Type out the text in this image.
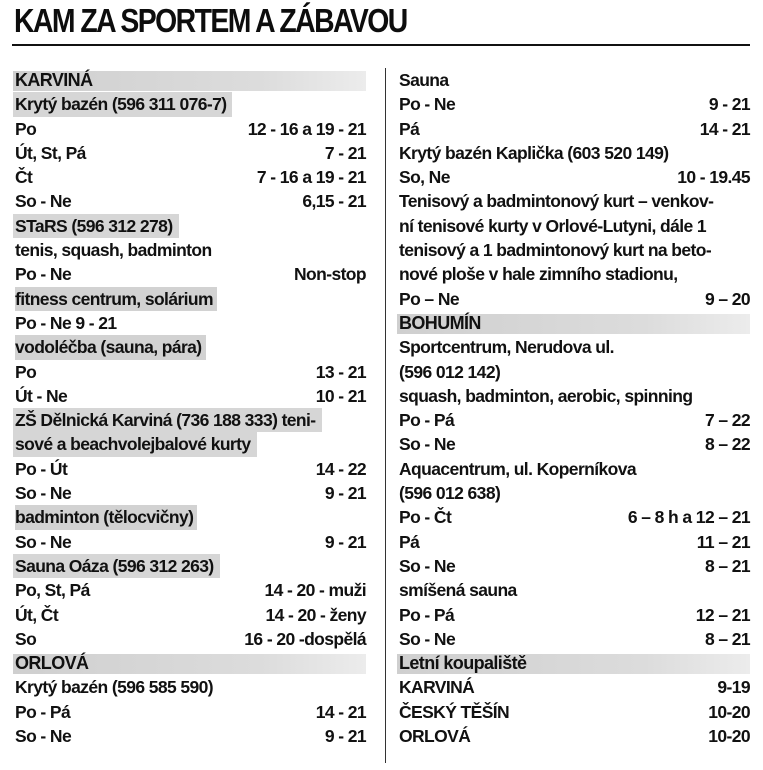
KAM ZA SPORTEM A ZÁBAVOU
KARVINÁ
Krytý bazén (596 311 076-7)
Po	12 - 16 a 19 - 21
Út, St, Pá	7 - 21
Čt	7 - 16 a 19 - 21
So - Ne	6,15 - 21
STaRS (596 312 278)
tenis, squash, badminton
Po - Ne	Non-stop
fitness centrum, solárium
Po - Ne 9 - 21
vodoléčba (sauna, pára)
Po	13 - 21
Út - Ne	10 - 21
ZŠ Dělnická Karviná (736 188 333) teni-
sové a beachvolejbalové kurty
Po - Út	14 - 22
So - Ne	9 - 21
badminton (tělocvičny)
So - Ne	9 - 21
Sauna Oáza (596 312 263)
Po, St, Pá	14 - 20 - muži
Út, Čt	14 - 20 - ženy
So	16 - 20 -dospělá
ORLOVÁ
Krytý bazén (596 585 590)
Po - Pá	14 - 21
So - Ne	9 - 21
Sauna
Po - Ne	9 - 21
Pá	14 - 21
Krytý bazén Kaplička (603 520 149)
So, Ne	10 - 19.45
Tenisový a badmintonový kurt – venkov-
ní tenisové kurty v Orlové-Lutyni, dále 1
tenisový a 1 badmintonový kurt na beto-
nové ploše v hale zimního stadionu,
Po – Ne	9 – 20
BOHUMÍN
Sportcentrum, Nerudova ul.
(596 012 142)
squash, badminton, aerobic, spinning
Po - Pá	7 – 22
So - Ne	8 – 22
Aquacentrum, ul. Koperníkova
(596 012 638)
Po - Čt	6 – 8 h a 12 – 21
Pá	11 – 21
So - Ne	8 – 21
smíšená sauna
Po - Pá	12 – 21
So - Ne	8 – 21
Letní koupaliště
KARVINÁ	9-19
ČESKÝ TĚŠÍN	10-20
ORLOVÁ	10-20
